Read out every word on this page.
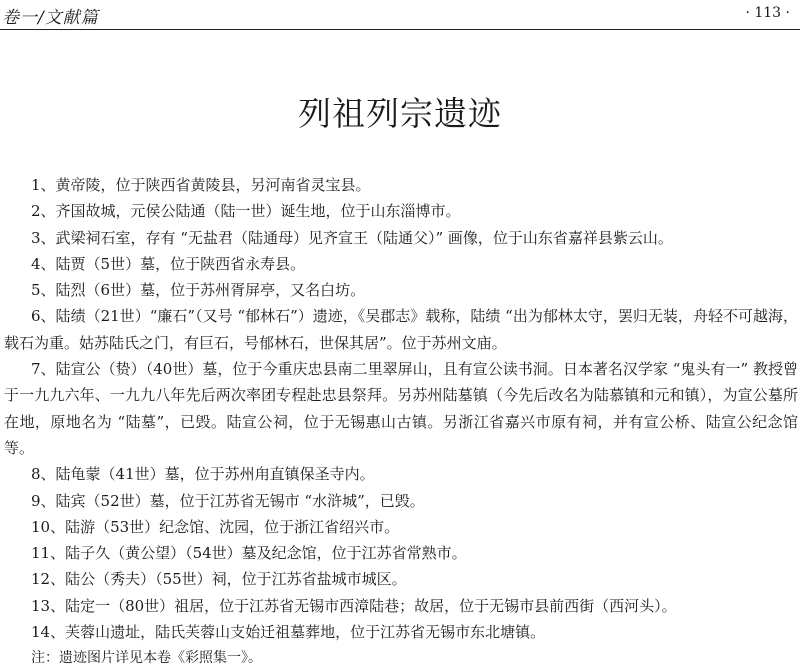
卷一/文献篇	· 113 ·
列祖列宗遗迹

1、黄帝陵，位于陕西省黄陵县，另河南省灵宝县。

2、齐国故城，元侯公陆通（陆一世）诞生地，位于山东淄博市。

3、武梁祠石室，存有 “无盐君（陆通母）见齐宣王（陆通父）” 画像，位于山东省嘉祥县紫云山。

4、陆贾（5世）墓，位于陕西省永寿县。

5、陆烈（6世）墓，位于苏州胥屏亭，又名白坊。

6、陆绩（21世）“廉石”（又号 “郁林石”）遗迹，《吴郡志》载称，陆绩 “出为郁林太守，罢归无装，舟轻不可越海，载石为重。姑苏陆氏之门，有巨石，号郁林石，世保其居”。位于苏州文庙。

7、陆宣公（贽）（40世）墓，位于今重庆忠县南二里翠屏山，且有宣公读书洞。日本著名汉学家 “鬼头有一” 教授曾于一九九六年、一九九八年先后两次率团专程赴忠县祭拜。另苏州陆墓镇（今先后改名为陆慕镇和元和镇），为宣公墓所在地，原地名为 “陆墓”，已毁。陆宣公祠，位于无锡惠山古镇。另浙江省嘉兴市原有祠，并有宣公桥、陆宣公纪念馆等。

8、陆龟蒙（41世）墓，位于苏州甪直镇保圣寺内。

9、陆宾（52世）墓，位于江苏省无锡市 “水浒城”，已毁。

10、陆游（53世）纪念馆、沈园，位于浙江省绍兴市。

11、陆子久（黄公望）（54世）墓及纪念馆，位于江苏省常熟市。

12、陆公（秀夫）（55世）祠，位于江苏省盐城市城区。

13、陆定一（80世）祖居，位于江苏省无锡市西漳陆巷；故居，位于无锡市县前西街（西河头）。

14、芙蓉山遗址，陆氏芙蓉山支始迁祖墓葬地，位于江苏省无锡市东北塘镇。

注：遗迹图片详见本卷《彩照集一》。
